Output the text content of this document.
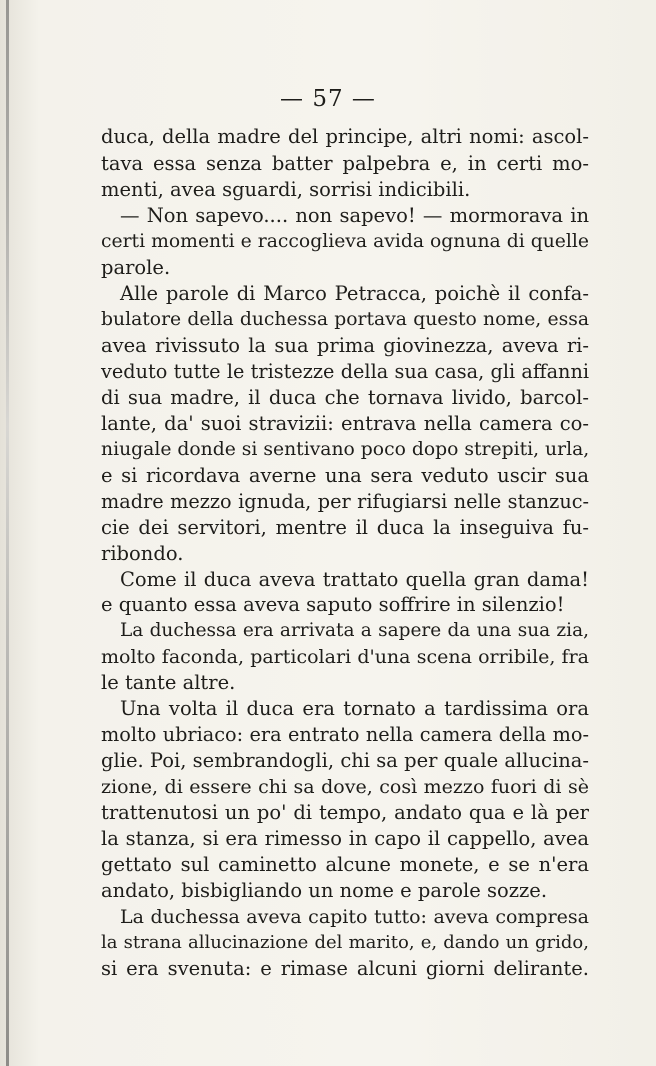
— 57 —
duca, della madre del principe, altri nomi: ascol-
tava essa senza batter palpebra e, in certi mo-
menti, avea sguardi, sorrisi indicibili.
— Non sapevo.... non sapevo! — mormorava in
certi momenti e raccoglieva avida ognuna di quelle
parole.
Alle parole di Marco Petracca, poichè il confa-
bulatore della duchessa portava questo nome, essa
avea rivissuto la sua prima giovinezza, aveva ri-
veduto tutte le tristezze della sua casa, gli affanni
di sua madre, il duca che tornava livido, barcol-
lante, da' suoi stravizii: entrava nella camera co-
niugale donde si sentivano poco dopo strepiti, urla,
e si ricordava averne una sera veduto uscir sua
madre mezzo ignuda, per rifugiarsi nelle stanzuc-
cie dei servitori, mentre il duca la inseguiva fu-
ribondo.
Come il duca aveva trattato quella gran dama!
e quanto essa aveva saputo soffrire in silenzio!
La duchessa era arrivata a sapere da una sua zia,
molto faconda, particolari d'una scena orribile, fra
le tante altre.
Una volta il duca era tornato a tardissima ora
molto ubriaco: era entrato nella camera della mo-
glie. Poi, sembrandogli, chi sa per quale allucina-
zione, di essere chi sa dove, così mezzo fuori di sè
trattenutosi un po' di tempo, andato qua e là per
la stanza, si era rimesso in capo il cappello, avea
gettato sul caminetto alcune monete, e se n'era
andato, bisbigliando un nome e parole sozze.
La duchessa aveva capito tutto: aveva compresa
la strana allucinazione del marito, e, dando un grido,
si era svenuta: e rimase alcuni giorni delirante.
